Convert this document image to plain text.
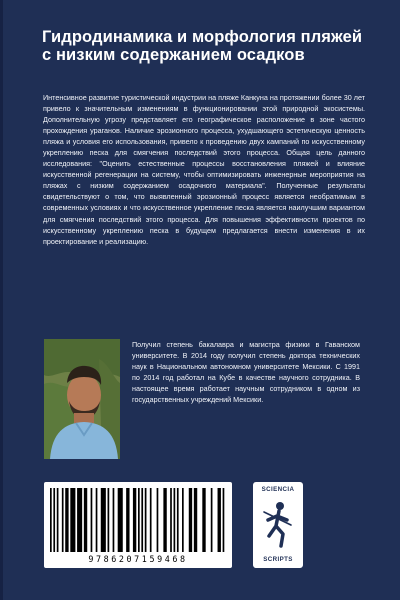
Гидродинамика и морфология пляжей с низким содержанием осадков
Интенсивное развитие туристической индустрии на пляже Канкуна на протяжении более 30 лет привело к значительным изменениям в функционировании этой природной экосистемы. Дополнительную угрозу представляет его географическое расположение в зоне частого прохождения ураганов. Наличие эрозионного процесса, ухудшающего эстетическую ценность пляжа и условия его использования, привело к проведению двух кампаний по искусственному укреплению песка для смягчения последствий этого процесса. Общая цель данного исследования: "Оценить естественные процессы восстановления пляжей и влияние искусственной регенерации на систему, чтобы оптимизировать инженерные мероприятия на пляжах с низким содержанием осадочного материала". Полученные результаты свидетельствуют о том, что выявленный эрозионный процесс является необратимым в современных условиях и что искусственное укрепление песка является наилучшим вариантом для смягчения последствий этого процесса. Для повышения эффективности проектов по искусственному укреплению песка в будущем предлагается внести изменения в их проектирование и реализацию.
Получил степень бакалавра и магистра физики в Гаванском университете. В 2014 году получил степень доктора технических наук в Национальном автономном университете Мексики. С 1991 по 2014 год работал на Кубе в качестве научного сотрудника. В настоящее время работает научным сотрудником в одном из государственных учреждений Мексики.
9786207159468
SCIENCIA
SCRIPTS
